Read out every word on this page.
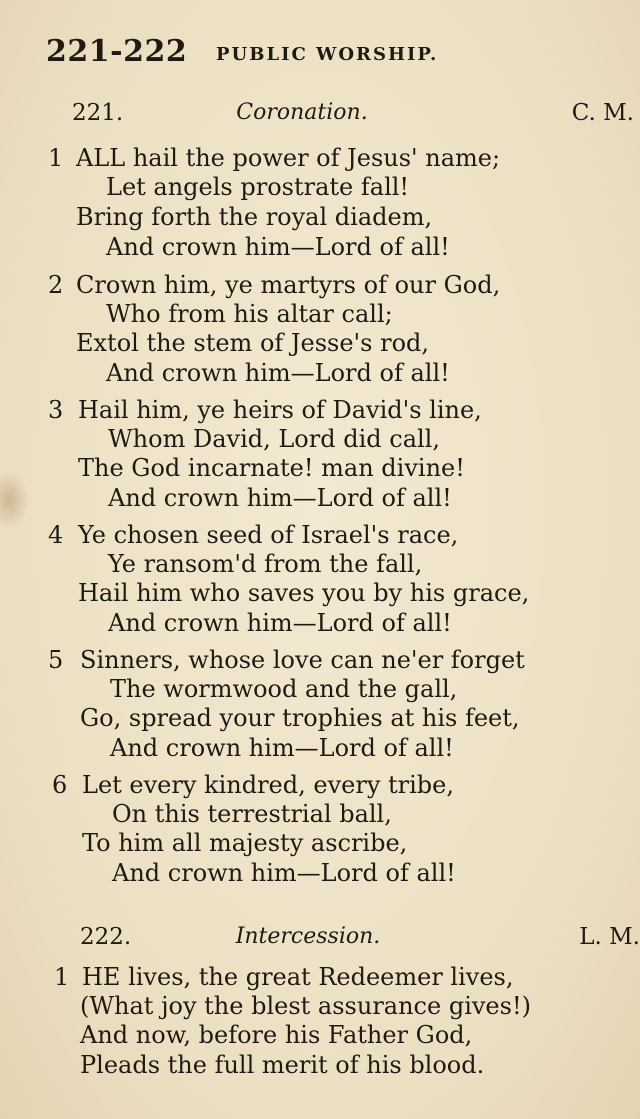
221-222 PUBLIC WORSHIP.
221.	Coronation.	C. M.
1 ALL hail the power of Jesus' name;
Let angels prostrate fall!
Bring forth the royal diadem,
And crown him—Lord of all!
2 Crown him, ye martyrs of our God,
Who from his altar call;
Extol the stem of Jesse's rod,
And crown him—Lord of all!
3 Hail him, ye heirs of David's line,
Whom David, Lord did call,
The God incarnate! man divine!
And crown him—Lord of all!
4 Ye chosen seed of Israel's race,
Ye ransom'd from the fall,
Hail him who saves you by his grace,
And crown him—Lord of all!
5 Sinners, whose love can ne'er forget
The wormwood and the gall,
Go, spread your trophies at his feet,
And crown him—Lord of all!
6 Let every kindred, every tribe,
On this terrestrial ball,
To him all majesty ascribe,
And crown him—Lord of all!
222.	Intercession.	L. M.
1 HE lives, the great Redeemer lives,
(What joy the blest assurance gives!)
And now, before his Father God,
Pleads the full merit of his blood.
